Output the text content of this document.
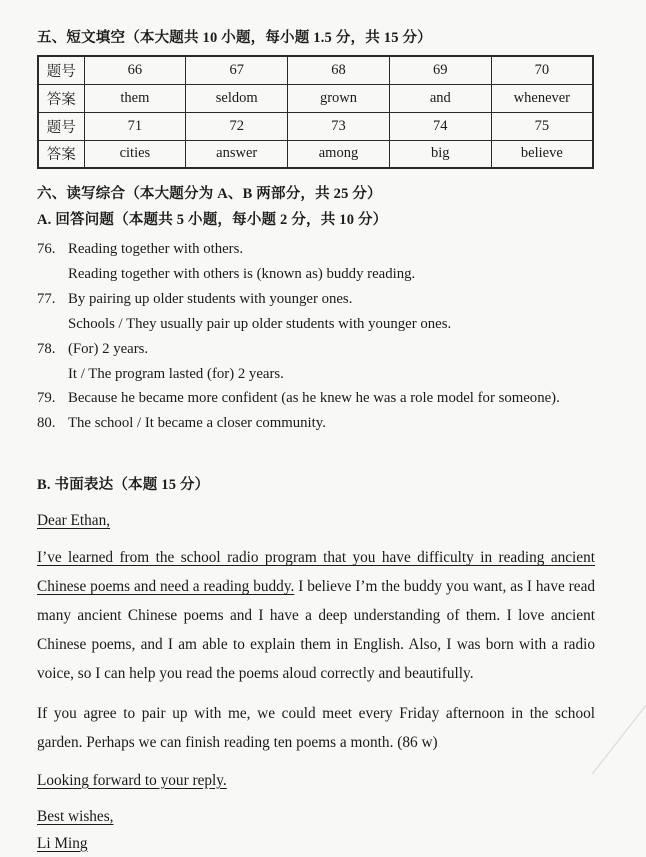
五、短文填空（本大题共 10 小题，每小题 1.5 分，共 15 分）
题号	66	67	68	69	70
答案	them	seldom	grown	and	whenever
题号	71	72	73	74	75
答案	cities	answer	among	big	believe
六、读写综合（本大题分为 A、B 两部分，共 25 分）
A. 回答问题（本题共 5 小题，每小题 2 分，共 10 分）
76. Reading together with others.
Reading together with others is (known as) buddy reading.
77. By pairing up older students with younger ones.
Schools / They usually pair up older students with younger ones.
78. (For) 2 years.
It / The program lasted (for) 2 years.
79. Because he became more confident (as he knew he was a role model for someone).
80. The school / It became a closer community.
B. 书面表达（本题 15 分）
Dear Ethan,

I’ve learned from the school radio program that you have difficulty in reading ancient Chinese poems and need a reading buddy. I believe I’m the buddy you want, as I have read many ancient Chinese poems and I have a deep understanding of them. I love ancient Chinese poems, and I am able to explain them in English. Also, I was born with a radio voice, so I can help you read the poems aloud correctly and beautifully.

If you agree to pair up with me, we could meet every Friday afternoon in the school garden. Perhaps we can finish reading ten poems a month. (86 w)

Looking forward to your reply.
Best wishes,
Li Ming
